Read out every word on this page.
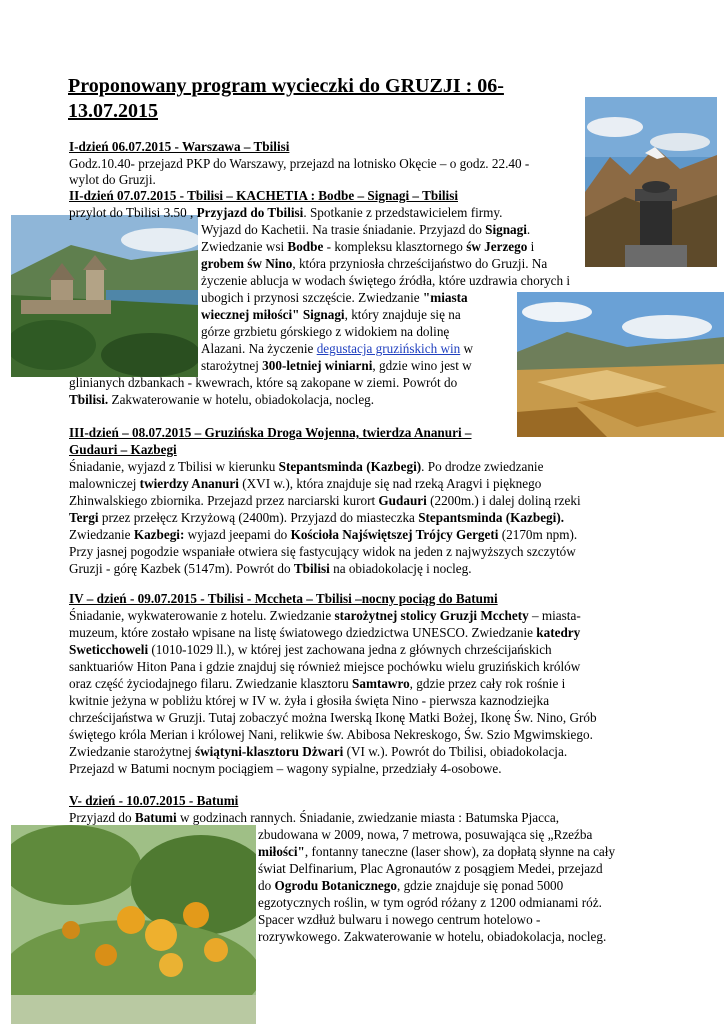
Proponowany program wycieczki do GRUZJI : 06-
13.07.2015
I-dzień 06.07.2015 - Warszawa – Tbilisi
Godz.10.40- przejazd PKP do Warszawy, przejazd na lotnisko Okęcie – o godz. 22.40 -
wylot do Gruzji.
II-dzień 07.07.2015 - Tbilisi – KACHETIA : Bodbe – Signagi – Tbilisi
przylot do Tbilisi 3.50 , Przyjazd do Tbilisi. Spotkanie z przedstawicielem firmy.
Wyjazd do Kachetii. Na trasie śniadanie. Przyjazd do Signagi.
Zwiedzanie wsi Bodbe - kompleksu klasztornego św Jerzego i
grobem św Nino, która przyniosła chrześcijaństwo do Gruzji. Na
życzenie ablucja w wodach świętego źródła, które uzdrawia chorych i
ubogich i przynosi szczęście. Zwiedzanie "miasta
wiecznej miłości" Signagi, który znajduje się na
górze grzbietu górskiego z widokiem na dolinę
Alazani. Na życzenie degustacja gruzińskich win w
starożytnej 300-letniej winiarni, gdzie wino jest w
glinianych dzbankach - kwewrach, które są zakopane w ziemi. Powrót do
Tbilisi. Zakwaterowanie w hotelu, obiadokolacja, nocleg.
III-dzień – 08.07.2015 – Gruzińska Droga Wojenna, twierdza Ananuri –
Gudauri – Kazbegi
Śniadanie, wyjazd z Tbilisi w kierunku Stepantsminda (Kazbegi). Po drodze zwiedzanie
malowniczej twierdzy Ananuri (XVI w.), która znajduje się nad rzeką Aragvi i pięknego
Zhinwalskiego zbiornika. Przejazd przez narciarski kurort Gudauri (2200m.) i dalej doliną rzeki
Tergi przez przełęcz Krzyżową (2400m). Przyjazd do miasteczka Stepantsminda (Kazbegi).
Zwiedzanie Kazbegi: wyjazd jeepami do Kościoła Najświętszej Trójcy Gergeti (2170m npm).
Przy jasnej pogodzie wspaniałe otwiera się fastycujący widok na jeden z najwyższych szczytów
Gruzji - górę Kazbek (5147m). Powrót do Tbilisi na obiadokolację i nocleg.
IV – dzień - 09.07.2015 - Tbilisi - Mccheta – Tbilisi –nocny pociąg do Batumi
Śniadanie, wykwaterowanie z hotelu. Zwiedzanie starożytnej stolicy Gruzji Mcchety – miasta-
muzeum, które zostało wpisane na listę światowego dziedzictwa UNESCO. Zwiedzanie katedry
Sweticchoweli (1010-1029 ll.), w której jest zachowana jedna z głównych chrześcijańskich
sanktuariów Hiton Pana i gdzie znajduj się również miejsce pochówku wielu gruzińskich królów
oraz część życiodajnego filaru. Zwiedzanie klasztoru Samtawro, gdzie przez cały rok rośnie i
kwitnie jeżyna w pobliżu której w IV w. żyła i głosiła święta Nino - pierwsza kaznodziejka
chrześcijaństwa w Gruzji. Tutaj zobaczyć można Iwerską Ikonę Matki Bożej, Ikonę Św. Nino, Grób
świętego króla Merian i królowej Nani, relikwie św. Abibosa Nekreskogo, Św. Szio Mgwimskiego.
Zwiedzanie starożytnej świątyni-klasztoru Dżwari (VI w.). Powrót do Tbilisi, obiadokolacja.
Przejazd w Batumi nocnym pociągiem – wagony sypialne, przedziały 4-osobowe.
V- dzień - 10.07.2015 - Batumi
Przyjazd do Batumi w godzinach rannych. Śniadanie, zwiedzanie miasta : Batumska Pjacca,
zbudowana w 2009, nowa, 7 metrowa, posuwająca się „Rzeźba
miłości", fontanny taneczne (laser show), za dopłatą słynne na cały
świat Delfinarium, Plac Agronautów z posągiem Medei, przejazd
do Ogrodu Botanicznego, gdzie znajduje się ponad 5000
egzotycznych roślin, w tym ogród różany z 1200 odmianami róż.
Spacer wzdłuż bulwaru i nowego centrum hotelowo -
rozrywkowego. Zakwaterowanie w hotelu, obiadokolacja, nocleg.
